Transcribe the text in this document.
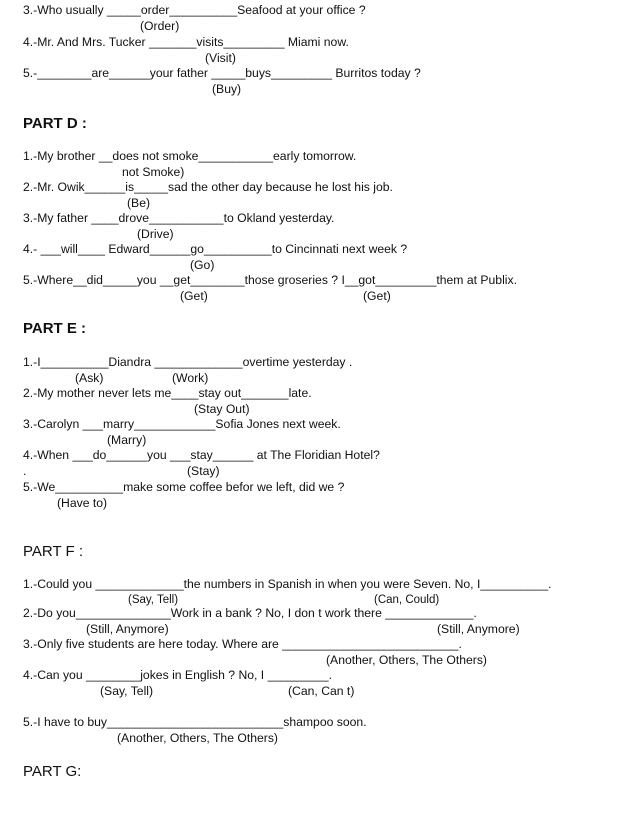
3.-Who usually _____order__________Seafood at your office ?
(Order)
4.-Mr. And Mrs. Tucker _______visits_________ Miami now.
(Visit)
5.-________are______your father _____buys_________ Burritos today ?
(Buy)
PART D :
1.-My brother __does not smoke___________early tomorrow.
not Smoke)
2.-Mr. Owik______is_____sad the other day because he lost his job.
(Be)
3.-My father ____drove___________to Okland yesterday.
(Drive)
4.- ___will____ Edward______go__________to Cincinnati next week ?
(Go)
5.-Where__did_____you __get________those groseries ? I__got_________them at Publix.
(Get)	(Get)
PART E :
1.-I__________Diandra _____________overtime yesterday .
(Ask)	(Work)
2.-My mother never lets me____stay out_______late.
(Stay Out)
3.-Carolyn ___marry____________Sofia Jones next week.
(Marry)
4.-When ___do______you ___stay______ at The Floridian Hotel?
.	(Stay)
5.-We__________make some coffee befor we left, did we ?
(Have to)
PART F :
1.-Could you _____________the numbers in Spanish in when you were Seven. No, I__________.
(Say, Tell)	(Can, Could)
2.-Do you______________Work in a bank ? No, I don t work there _____________.
(Still, Anymore)	(Still, Anymore)
3.-Only five students are here today. Where are __________________________.
(Another, Others, The Others)
4.-Can you ________jokes in English ? No, I _________.
(Say, Tell)	(Can, Can t)
5.-I have to buy__________________________shampoo soon.
(Another, Others, The Others)
PART G:
